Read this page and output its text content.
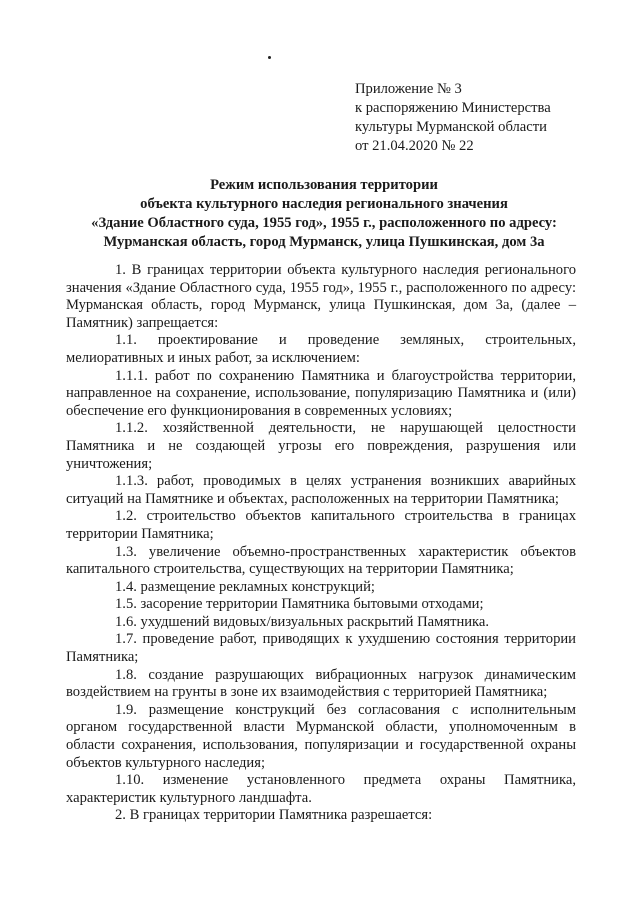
Приложение № 3
к распоряжению Министерства
культуры Мурманской области
от 21.04.2020 № 22
Режим использования территории
объекта культурного наследия регионального значения
«Здание Областного суда, 1955 год», 1955 г., расположенного по адресу:
Мурманская область, город Мурманск, улица Пушкинская, дом 3а

1. В границах территории объекта культурного наследия регионального значения «Здание Областного суда, 1955 год», 1955 г., расположенного по адресу: Мурманская область, город Мурманск, улица Пушкинская, дом 3а, (далее – Памятник) запрещается:

1.1. проектирование и проведение земляных, строительных, мелиоративных и иных работ, за исключением:

1.1.1. работ по сохранению Памятника и благоустройства территории, направленное на сохранение, использование, популяризацию Памятника и (или) обеспечение его функционирования в современных условиях;

1.1.2. хозяйственной деятельности, не нарушающей целостности Памятника и не создающей угрозы его повреждения, разрушения или уничтожения;

1.1.3. работ, проводимых в целях устранения возникших аварийных ситуаций на Памятнике и объектах, расположенных на территории Памятника;

1.2. строительство объектов капитального строительства в границах территории Памятника;

1.3. увеличение объемно-пространственных характеристик объектов капитального строительства, существующих на территории Памятника;

1.4. размещение рекламных конструкций;

1.5. засорение территории Памятника бытовыми отходами;

1.6. ухудшений видовых/визуальных раскрытий Памятника.

1.7. проведение работ, приводящих к ухудшению состояния территории Памятника;

1.8. создание разрушающих вибрационных нагрузок динамическим воздействием на грунты в зоне их взаимодействия с территорией Памятника;

1.9. размещение конструкций без согласования с исполнительным органом государственной власти Мурманской области, уполномоченным в области сохранения, использования, популяризации и государственной охраны объектов культурного наследия;

1.10. изменение установленного предмета охраны Памятника, характеристик культурного ландшафта.

2. В границах территории Памятника разрешается:
